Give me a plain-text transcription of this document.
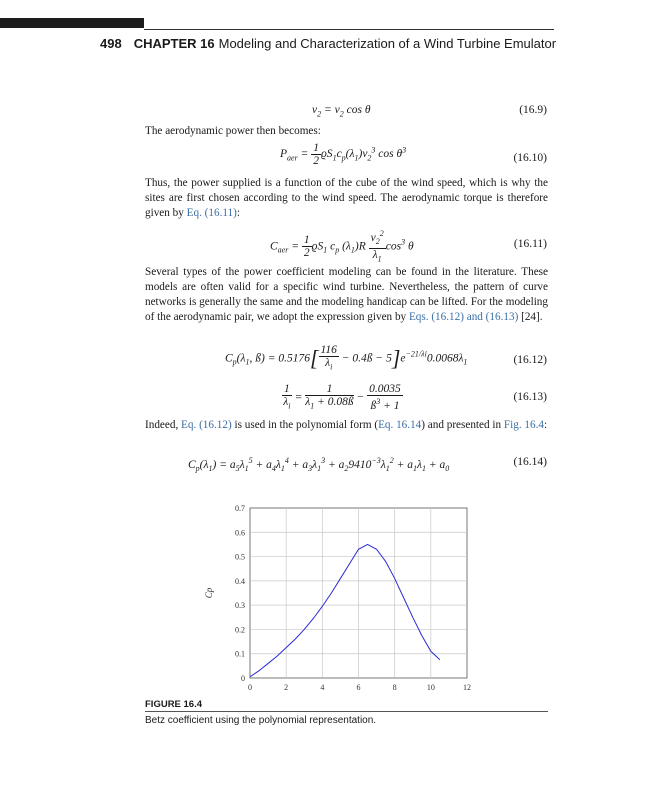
498 CHAPTER 16 Modeling and Characterization of a Wind Turbine Emulator
$v_2 = v_2$ cos θ	(16.9)
The aerodynamic power then becomes:
$P_{aer} = \frac{1}{2} ϱS_1c_p(\lambda_1)v_2^3$ $\cos \theta^3$
(16.10)
Thus, the power supplied is a function of the cube of the wind speed, which is why the sites are first chosen according to the wind speed. The aerodynamic torque is therefore given by Eq. (16.11):
$C_{aer} = \frac{1}{2} ϱS_1$ $c_p$ $(\lambda_1)R \frac{v_2^2}{\lambda_1} \cos^3 \theta$	(16.11)
Several types of the power coefficient modeling can be found in the literature. These models are often valid for a specific wind turbine. Nevertheless, the pattern of curve networks is generally the same and the modeling handicap can be lifted. For the modeling of the aerodynamic pair, we adopt the expression given by Eqs. (16.12) and (16.13) [24].
$C_p(\lambda_1$, ß) = $0.5176[ \frac{116}{\lambda_i}$ − 0.4ß − $5]e^{-21/\lambda i}0.0068\lambda_1$	(16.12)
$\frac{1}{\lambda_i} = \frac{1}{\lambda_1 + 0.08ß} - \frac{0.0035}{ß^3 + 1}$	(16.13)
Indeed, Eq. (16.12) is used in the polynomial form (Eq. 16.14) and presented in Fig. 16.4:
$C_p(\lambda_1) = a_5\lambda_1^5 + a_4\lambda_1^4 + a_3\lambda_1^3 + a_29410^{-3}\lambda_1^2 + a_1\lambda_1 + a_0$
(16.14)
0	2	4	6	8	10	12
0
0.1
0.2
0.3
0.4
0.5
0.6
0.7
Cp
FIGURE 16.4
Betz coefficient using the polynomial representation.
